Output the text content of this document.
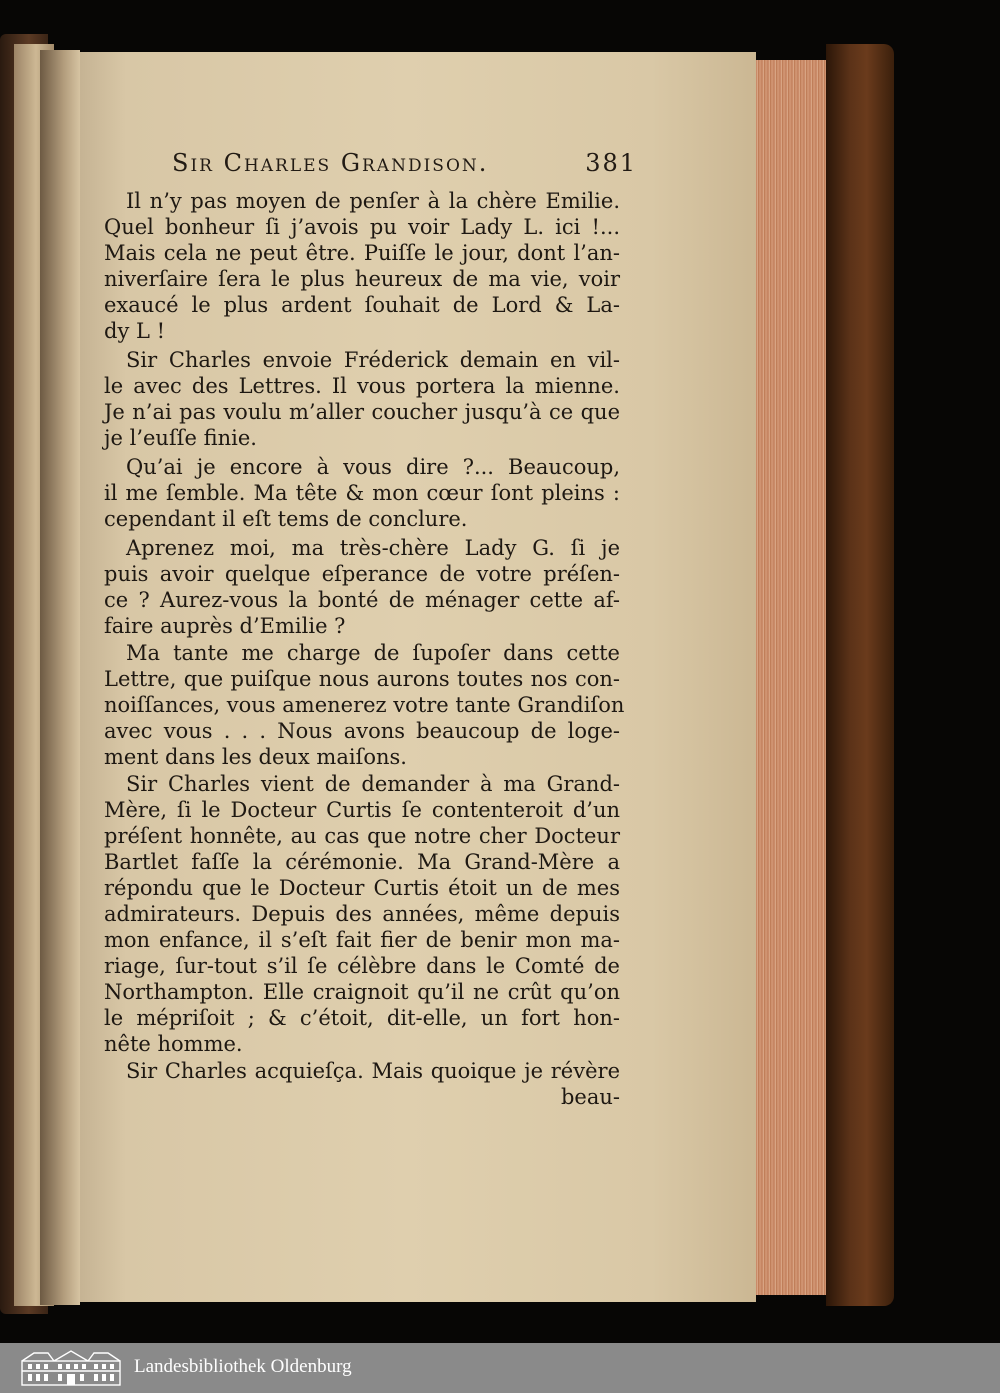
Sir Charles Grandison.	381
Il n’y pas moyen de penſer à la chère Emilie.
Quel bonheur ſi j’avois pu voir Lady L. ici !...
Mais cela ne peut être. Puiſſe le jour, dont l’an-
niverſaire ſera le plus heureux de ma vie, voir
exaucé le plus ardent ſouhait de Lord & La-
dy L !
Sir Charles envoie Fréderick demain en vil-
le avec des Lettres. Il vous portera la mienne.
Je n’ai pas voulu m’aller coucher jusqu’à ce que
je l’euſſe finie.
Qu’ai je encore à vous dire ?... Beaucoup,
il me ſemble. Ma tête & mon cœur ſont pleins :
cependant il eſt tems de conclure.
Aprenez moi, ma très-chère Lady G. ſi je
puis avoir quelque eſperance de votre préſen-
ce ? Aurez-vous la bonté de ménager cette af-
faire auprès d’Emilie ?
Ma tante me charge de ſupoſer dans cette
Lettre, que puiſque nous aurons toutes nos con-
noiſſances, vous amenerez votre tante Grandiſon
avec vous . . . Nous avons beaucoup de loge-
ment dans les deux maiſons.
Sir Charles vient de demander à ma Grand-
Mère, ſi le Docteur Curtis ſe contenteroit d’un
préſent honnête, au cas que notre cher Docteur
Bartlet faſſe la cérémonie. Ma Grand-Mère a
répondu que le Docteur Curtis étoit un de mes
admirateurs. Depuis des années, même depuis
mon enfance, il s’eſt fait fier de benir mon ma-
riage, ſur-tout s’il ſe célèbre dans le Comté de
Northampton. Elle craignoit qu’il ne crût qu’on
le mépriſoit ; & c’étoit, dit-elle, un fort hon-
nête homme.
Sir Charles acquieſça. Mais quoique je révère
beau-
Landesbibliothek Oldenburg
